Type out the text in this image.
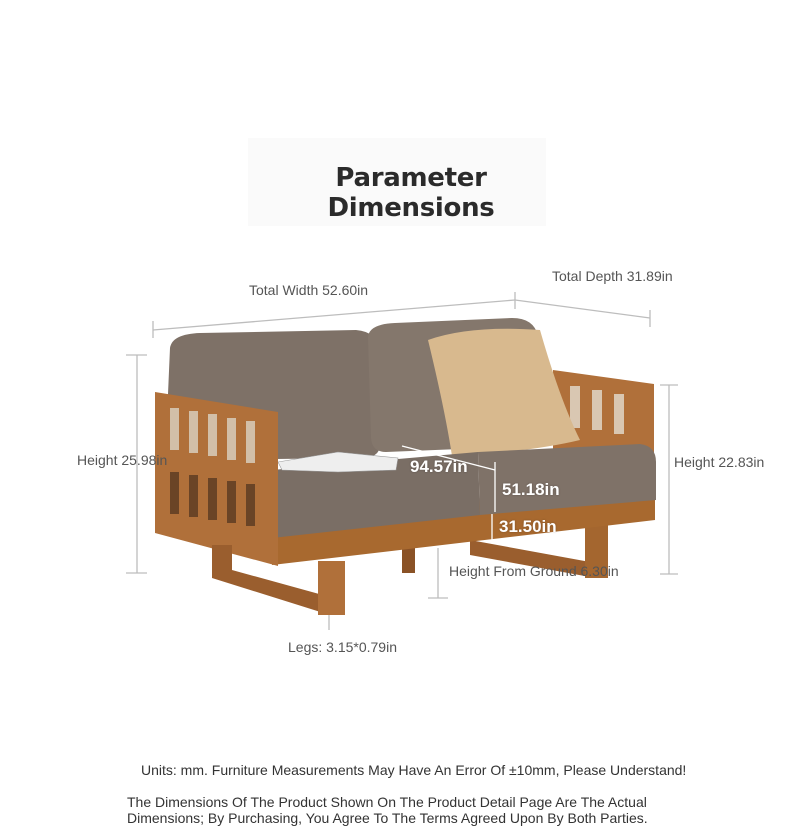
Parameter Dimensions
Total Width 52.60in
Total Depth 31.89in
Height 25.98in	Height 22.83in
94.57in
51.18in
31.50in
Height From Ground 6.30in
Legs: 3.15*0.79in
Units: mm. Furniture Measurements May Have An Error Of ±10mm, Please Understand!
The Dimensions Of The Product Shown On The Product Detail Page Are The Actual Dimensions; By Purchasing, You Agree To The Terms Agreed Upon By Both Parties.
